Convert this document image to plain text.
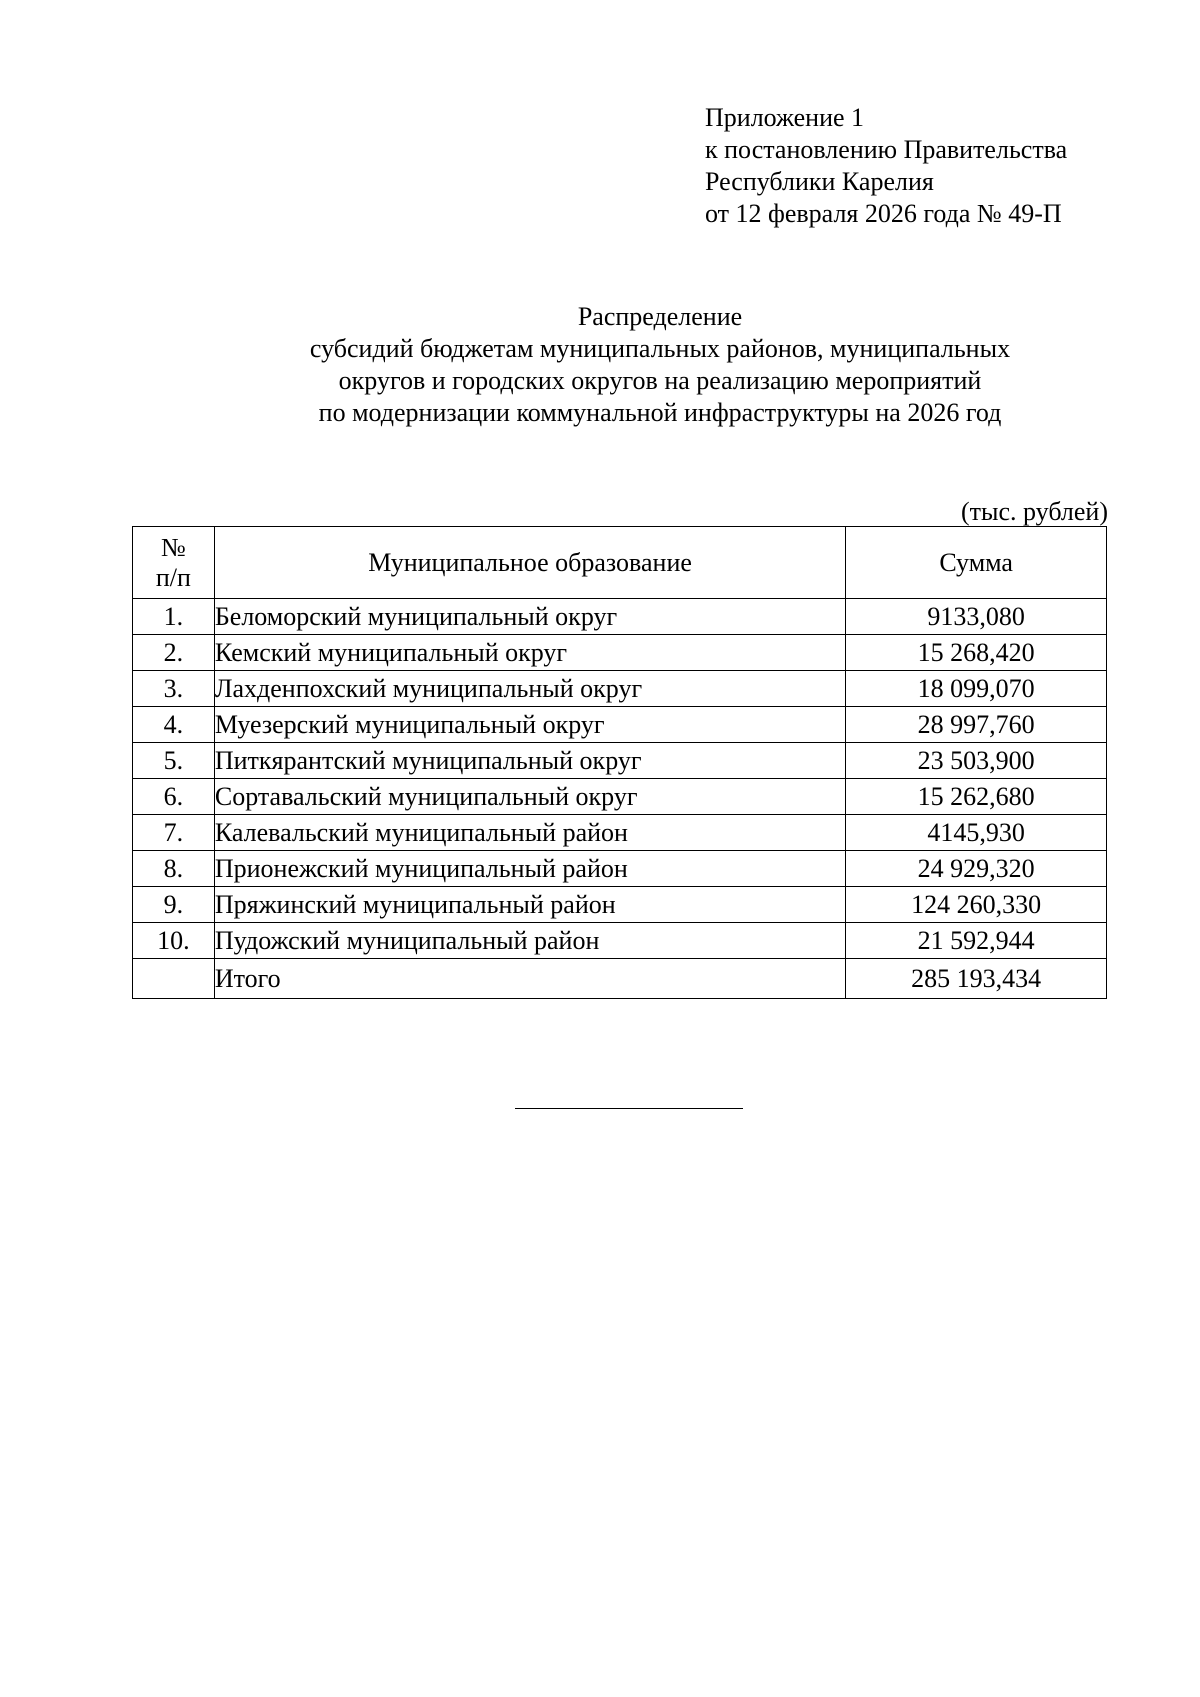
Приложение 1
к постановлению Правительства
Республики Карелия
от 12 февраля 2026 года № 49-П
Распределение
субсидий бюджетам муниципальных районов, муниципальных
округов и городских округов на реализацию мероприятий
по модернизации коммунальной инфраструктуры на 2026 год
(тыс. рублей)
№
п/п	Муниципальное образование	Сумма
1.	Беломорский муниципальный округ	9133,080
2.	Кемский муниципальный округ	15 268,420
3.	Лахденпохский муниципальный округ	18 099,070
4.	Муезерский муниципальный округ	28 997,760
5.	Питкярантский муниципальный округ	23 503,900
6.	Сортавальский муниципальный округ	15 262,680
7.	Калевальский муниципальный район	4145,930
8.	Прионежский муниципальный район	24 929,320
9.	Пряжинский муниципальный район	124 260,330
10.	Пудожский муниципальный район	21 592,944
	Итого	285 193,434
